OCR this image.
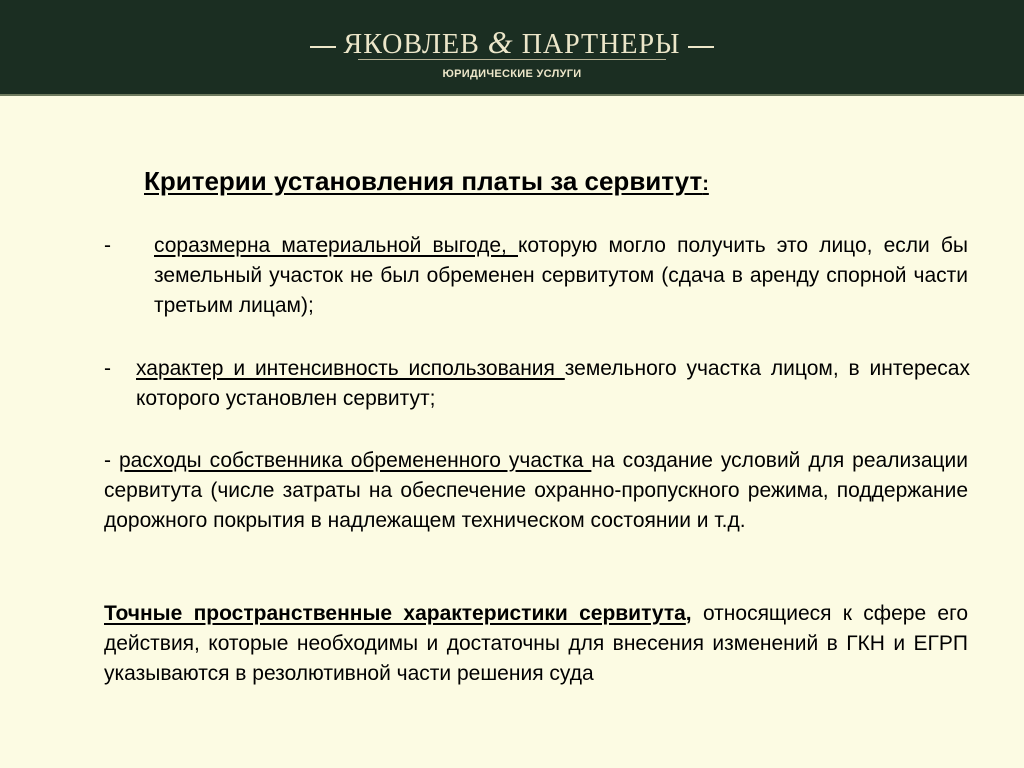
ЯКОВЛЕВ & ПАРТНЕРЫ
ЮРИДИЧЕСКИЕ УСЛУГИ
Критерии установления платы за сервитут:
- соразмерна материальной выгоде, которую могло получить это лицо, если бы земельный участок не был обременен сервитутом (сдача в аренду спорной части третьим лицам);
- характер и интенсивность использования земельного участка лицом, в интересах которого установлен сервитут;
- расходы собственника обремененного участка на создание условий для реализации сервитута (числе затраты на обеспечение охранно-пропускного режима, поддержание дорожного покрытия в надлежащем техническом состоянии и т.д.
Точные пространственные характеристики сервитута, относящиеся к сфере его действия, которые необходимы и достаточны для внесения изменений в ГКН и ЕГРП указываются в резолютивной части решения суда
